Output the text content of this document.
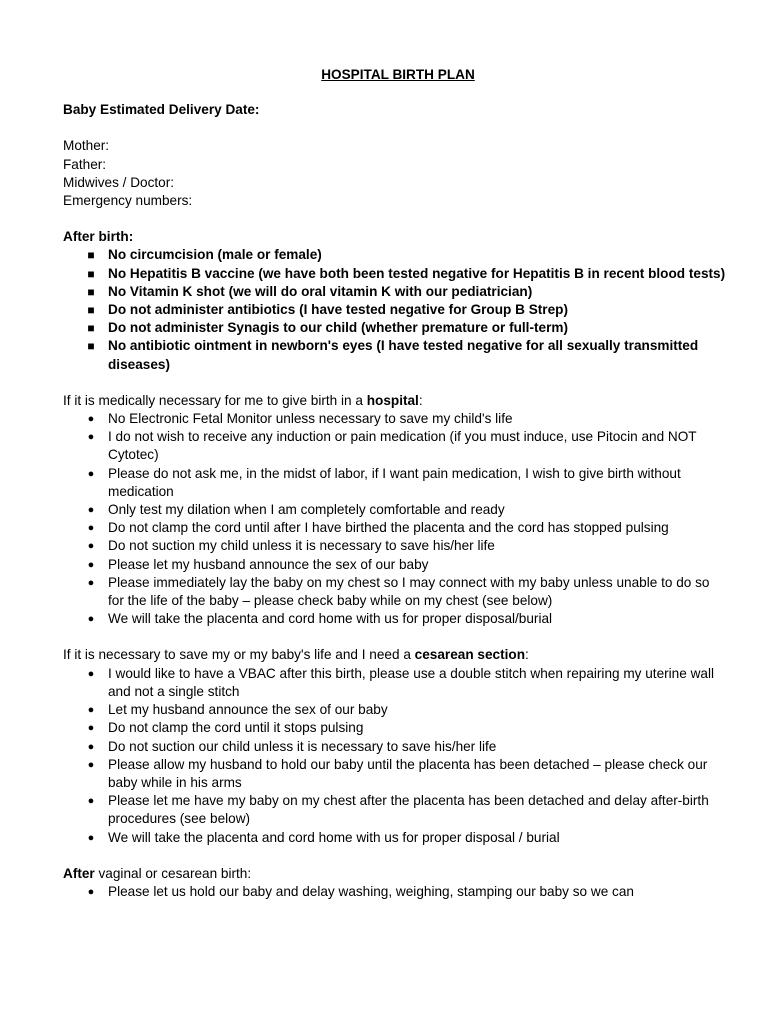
HOSPITAL BIRTH PLAN

Baby Estimated Delivery Date:

Mother:

Father:

Midwives / Doctor:

Emergency numbers:

After birth:

■ No circumcision (male or female)
■ No Hepatitis B vaccine (we have both been tested negative for Hepatitis B in recent blood tests)
■ No Vitamin K shot (we will do oral vitamin K with our pediatrician)
■ Do not administer antibiotics (I have tested negative for Group B Strep)
■ Do not administer Synagis to our child (whether premature or full-term)
■ No antibiotic ointment in newborn's eyes (I have tested negative for all sexually transmitted diseases)

If it is medically necessary for me to give birth in a hospital:

● No Electronic Fetal Monitor unless necessary to save my child's life
● I do not wish to receive any induction or pain medication (if you must induce, use Pitocin and NOT Cytotec)
● Please do not ask me, in the midst of labor, if I want pain medication, I wish to give birth without medication
● Only test my dilation when I am completely comfortable and ready
● Do not clamp the cord until after I have birthed the placenta and the cord has stopped pulsing
● Do not suction my child unless it is necessary to save his/her life
● Please let my husband announce the sex of our baby
● Please immediately lay the baby on my chest so I may connect with my baby unless unable to do so for the life of the baby – please check baby while on my chest (see below)
● We will take the placenta and cord home with us for proper disposal/burial

If it is necessary to save my or my baby's life and I need a cesarean section:

● I would like to have a VBAC after this birth, please use a double stitch when repairing my uterine wall and not a single stitch
● Let my husband announce the sex of our baby
● Do not clamp the cord until it stops pulsing
● Do not suction our child unless it is necessary to save his/her life
● Please allow my husband to hold our baby until the placenta has been detached – please check our baby while in his arms
● Please let me have my baby on my chest after the placenta has been detached and delay after-birth procedures (see below)
● We will take the placenta and cord home with us for proper disposal / burial

After vaginal or cesarean birth:

● Please let us hold our baby and delay washing, weighing, stamping our baby so we can
